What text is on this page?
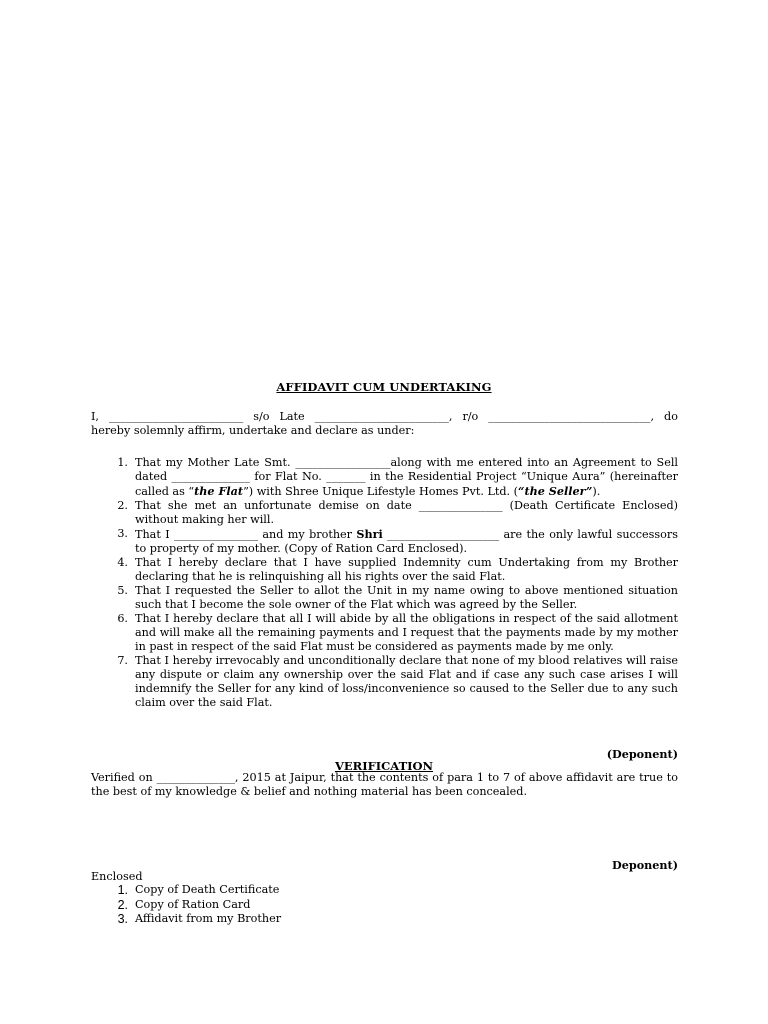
AFFIDAVIT CUM UNDERTAKING
I, ________________________ s/o Late ________________________, r/o _____________________________, do
hereby solemnly affirm, undertake and declare as under:
1. That my Mother Late Smt. _________________along with me entered into an Agreement to Sell dated ______________ for Flat No. _______ in the Residential Project “Unique Aura” (hereinafter called as “the Flat”) with Shree Unique Lifestyle Homes Pvt. Ltd. (“the Seller”).
2. That she met an unfortunate demise on date _______________ (Death Certificate Enclosed) without making her will.
3. That I _______________ and my brother Shri ____________________ are the only lawful successors to property of my mother. (Copy of Ration Card Enclosed).
4. That I hereby declare that I have supplied Indemnity cum Undertaking from my Brother declaring that he is relinquishing all his rights over the said Flat.
5. That I requested the Seller to allot the Unit in my name owing to above mentioned situation such that I become the sole owner of the Flat which was agreed by the Seller.
6. That I hereby declare that all I will abide by all the obligations in respect of the said allotment and will make all the remaining payments and I request that the payments made by my mother in past in respect of the said Flat must be considered as payments made by me only.
7. That I hereby irrevocably and unconditionally declare that none of my blood relatives will raise any dispute or claim any ownership over the said Flat and if case any such case arises I will indemnify the Seller for any kind of loss/inconvenience so caused to the Seller due to any such claim over the said Flat.
(Deponent)
VERIFICATION
Verified on ______________, 2015 at Jaipur, that the contents of para 1 to 7 of above affidavit are true to the best of my knowledge & belief and nothing material has been concealed.
Deponent)
Enclosed
1. Copy of Death Certificate
2. Copy of Ration Card
3. Affidavit from my Brother
